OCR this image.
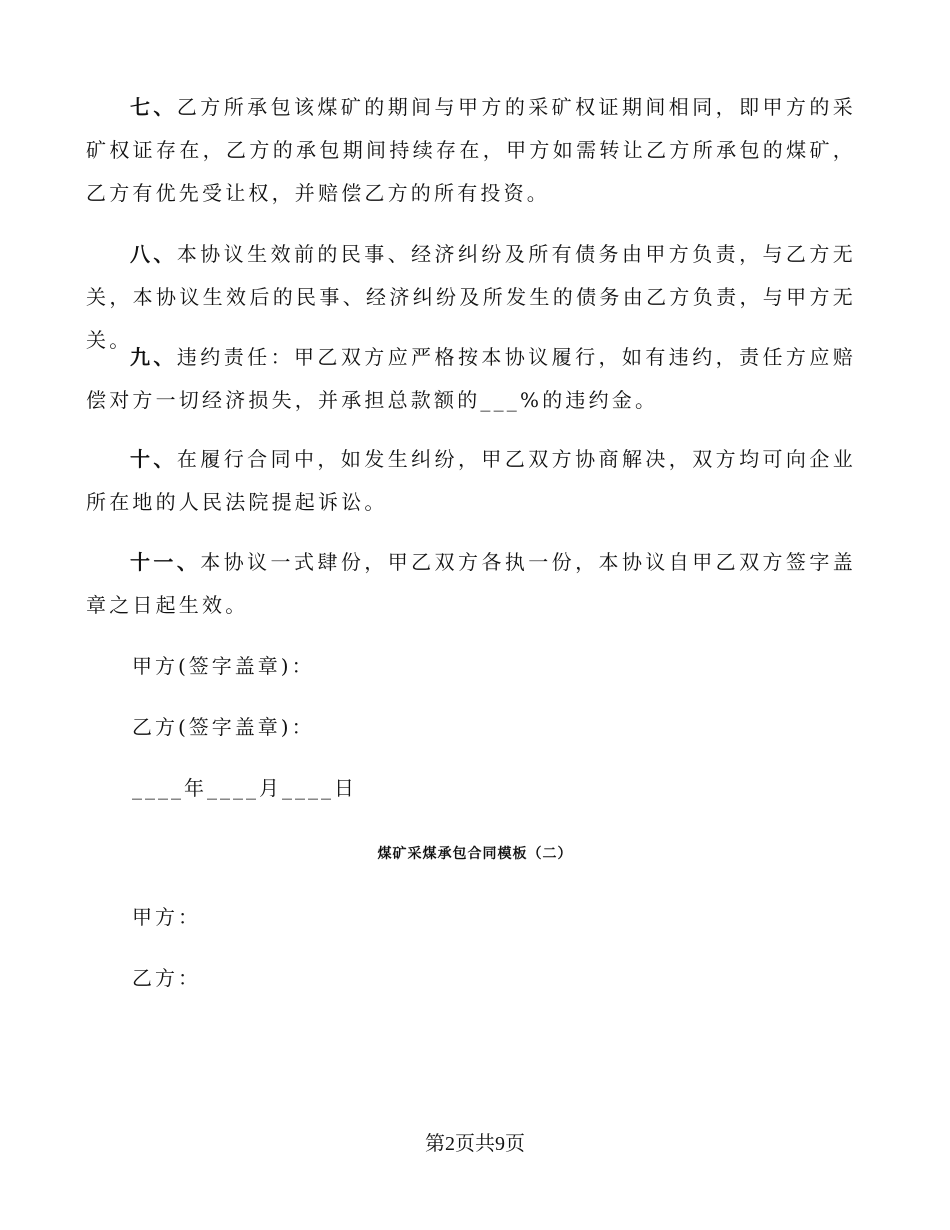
七、乙方所承包该煤矿的期间与甲方的采矿权证期间相同，即甲方的采矿权证存在，乙方的承包期间持续存在，甲方如需转让乙方所承包的煤矿，乙方有优先受让权，并赔偿乙方的所有投资。

八、本协议生效前的民事、经济纠纷及所有债务由甲方负责，与乙方无关，本协议生效后的民事、经济纠纷及所发生的债务由乙方负责，与甲方无关。

九、违约责任：甲乙双方应严格按本协议履行，如有违约，责任方应赔偿对方一切经济损失，并承担总款额的___%的违约金。

十、在履行合同中，如发生纠纷，甲乙双方协商解决，双方均可向企业所在地的人民法院提起诉讼。

十一、本协议一式肆份，甲乙双方各执一份，本协议自甲乙双方签字盖章之日起生效。

甲方(签字盖章)：

乙方(签字盖章)：

____年____月____日

煤矿采煤承包合同模板（二）

甲方：

乙方：

第2页共9页
